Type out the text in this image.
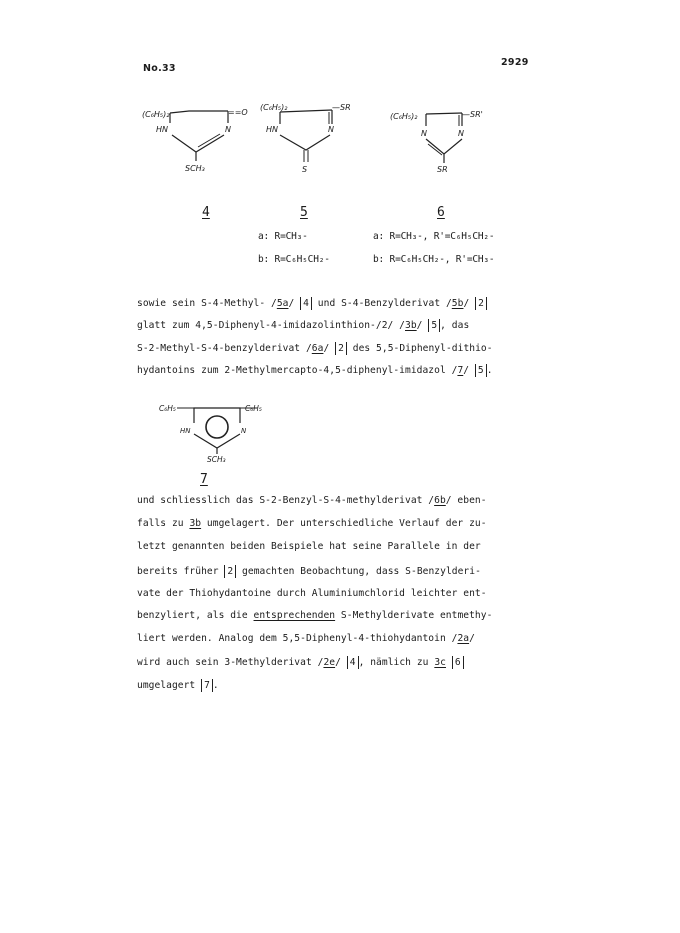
No.33
2929
(C₆H₅)₂	==O
HN	N
SCH₃
(C₆H₅)₂	—SR
HN	N
S
(C₆H₅)₂	—SR'
N	N
SR
4	5	6
a: R=CH₃-
b: R=C₆H₅CH₂-
a: R=CH₃-, R'=C₆H₅CH₂-
b: R=C₆H₅CH₂-, R'=CH₃-
sowie sein S-4-Methyl- /5a/ 4 und S-4-Benzylderivat /5b/ 2
glatt zum 4,5-Diphenyl-4-imidazolinthion-/2/ /3b/ 5 , das
S-2-Methyl-S-4-benzylderivat /6a/ 2 des 5,5-Diphenyl-dithio-
hydantoins zum 2-Methylmercapto-4,5-diphenyl-imidazol /7/ 5 .
C₆H₅	C₆H₅
HN	N
SCH₃
7
und schliesslich das S-2-Benzyl-S-4-methylderivat /6b/ eben-
falls zu 3b umgelagert. Der unterschiedliche Verlauf der zu-
letzt genannten beiden Beispiele hat seine Parallele in der
bereits früher 2 gemachten Beobachtung, dass S-Benzylderi-
vate der Thiohydantoine durch Aluminiumchlorid leichter ent-
benzyliert, als die entsprechenden S-Methylderivate entmethy-
liert werden. Analog dem 5,5-Diphenyl-4-thiohydantoin /2a/
wird auch sein 3-Methylderivat /2e/ 4 , nämlich zu 3c 6
umgelagert 7 .
